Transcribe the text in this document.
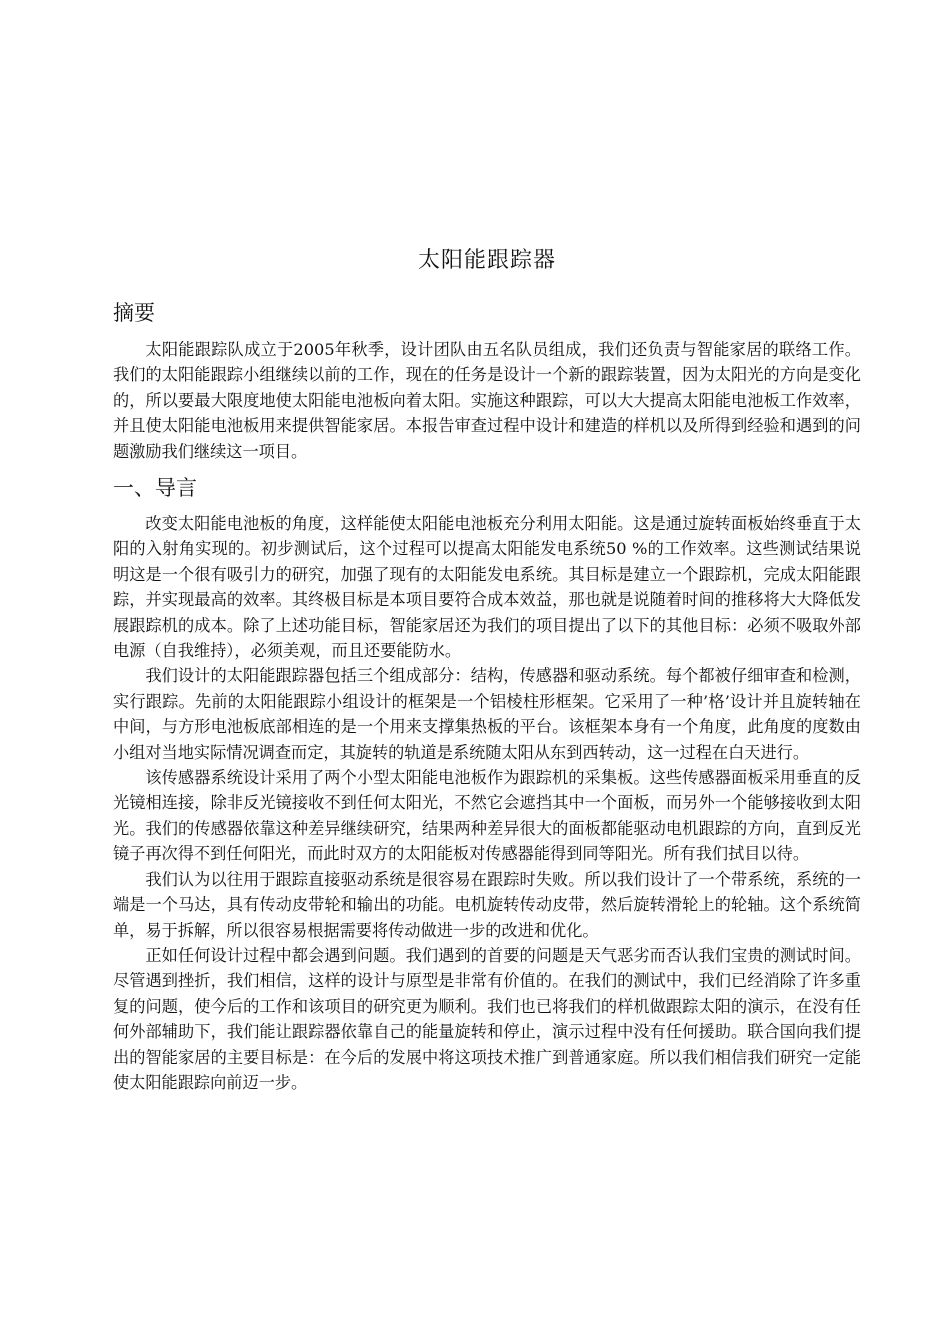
太阳能跟踪器
摘要

太阳能跟踪队成立于2005年秋季，设计团队由五名队员组成，我们还负责与智能家居的联络工作。我们的太阳能跟踪小组继续以前的工作，现在的任务是设计一个新的跟踪装置，因为太阳光的方向是变化的，所以要最大限度地使太阳能电池板向着太阳。实施这种跟踪，可以大大提高太阳能电池板工作效率，并且使太阳能电池板用来提供智能家居。本报告审查过程中设计和建造的样机以及所得到经验和遇到的问题激励我们继续这一项目。

一、导言

改变太阳能电池板的角度，这样能使太阳能电池板充分利用太阳能。这是通过旋转面板始终垂直于太阳的入射角实现的。初步测试后，这个过程可以提高太阳能发电系统50 %的工作效率。这些测试结果说明这是一个很有吸引力的研究，加强了现有的太阳能发电系统。其目标是建立一个跟踪机，完成太阳能跟踪，并实现最高的效率。其终极目标是本项目要符合成本效益，那也就是说随着时间的推移将大大降低发展跟踪机的成本。除了上述功能目标，智能家居还为我们的项目提出了以下的其他目标：必须不吸取外部电源（自我维持），必须美观，而且还要能防水。

我们设计的太阳能跟踪器包括三个组成部分：结构，传感器和驱动系统。每个都被仔细审查和检测，实行跟踪。先前的太阳能跟踪小组设计的框架是一个铝棱柱形框架。它采用了一种’格’设计并且旋转轴在中间，与方形电池板底部相连的是一个用来支撑集热板的平台。该框架本身有一个角度，此角度的度数由小组对当地实际情况调查而定，其旋转的轨道是系统随太阳从东到西转动，这一过程在白天进行。

该传感器系统设计采用了两个小型太阳能电池板作为跟踪机的采集板。这些传感器面板采用垂直的反光镜相连接，除非反光镜接收不到任何太阳光，不然它会遮挡其中一个面板，而另外一个能够接收到太阳光。我们的传感器依靠这种差异继续研究，结果两种差异很大的面板都能驱动电机跟踪的方向，直到反光镜子再次得不到任何阳光，而此时双方的太阳能板对传感器能得到同等阳光。所有我们拭目以待。

我们认为以往用于跟踪直接驱动系统是很容易在跟踪时失败。所以我们设计了一个带系统，系统的一端是一个马达，具有传动皮带轮和输出的功能。电机旋转传动皮带，然后旋转滑轮上的轮轴。这个系统简单，易于拆解，所以很容易根据需要将传动做进一步的改进和优化。

正如任何设计过程中都会遇到问题。我们遇到的首要的问题是天气恶劣而否认我们宝贵的测试时间。尽管遇到挫折，我们相信，这样的设计与原型是非常有价值的。在我们的测试中，我们已经消除了许多重复的问题，使今后的工作和该项目的研究更为顺利。我们也已将我们的样机做跟踪太阳的演示，在没有任何外部辅助下，我们能让跟踪器依靠自己的能量旋转和停止，演示过程中没有任何援助。联合国向我们提出的智能家居的主要目标是：在今后的发展中将这项技术推广到普通家庭。所以我们相信我们研究一定能使太阳能跟踪向前迈一步。
